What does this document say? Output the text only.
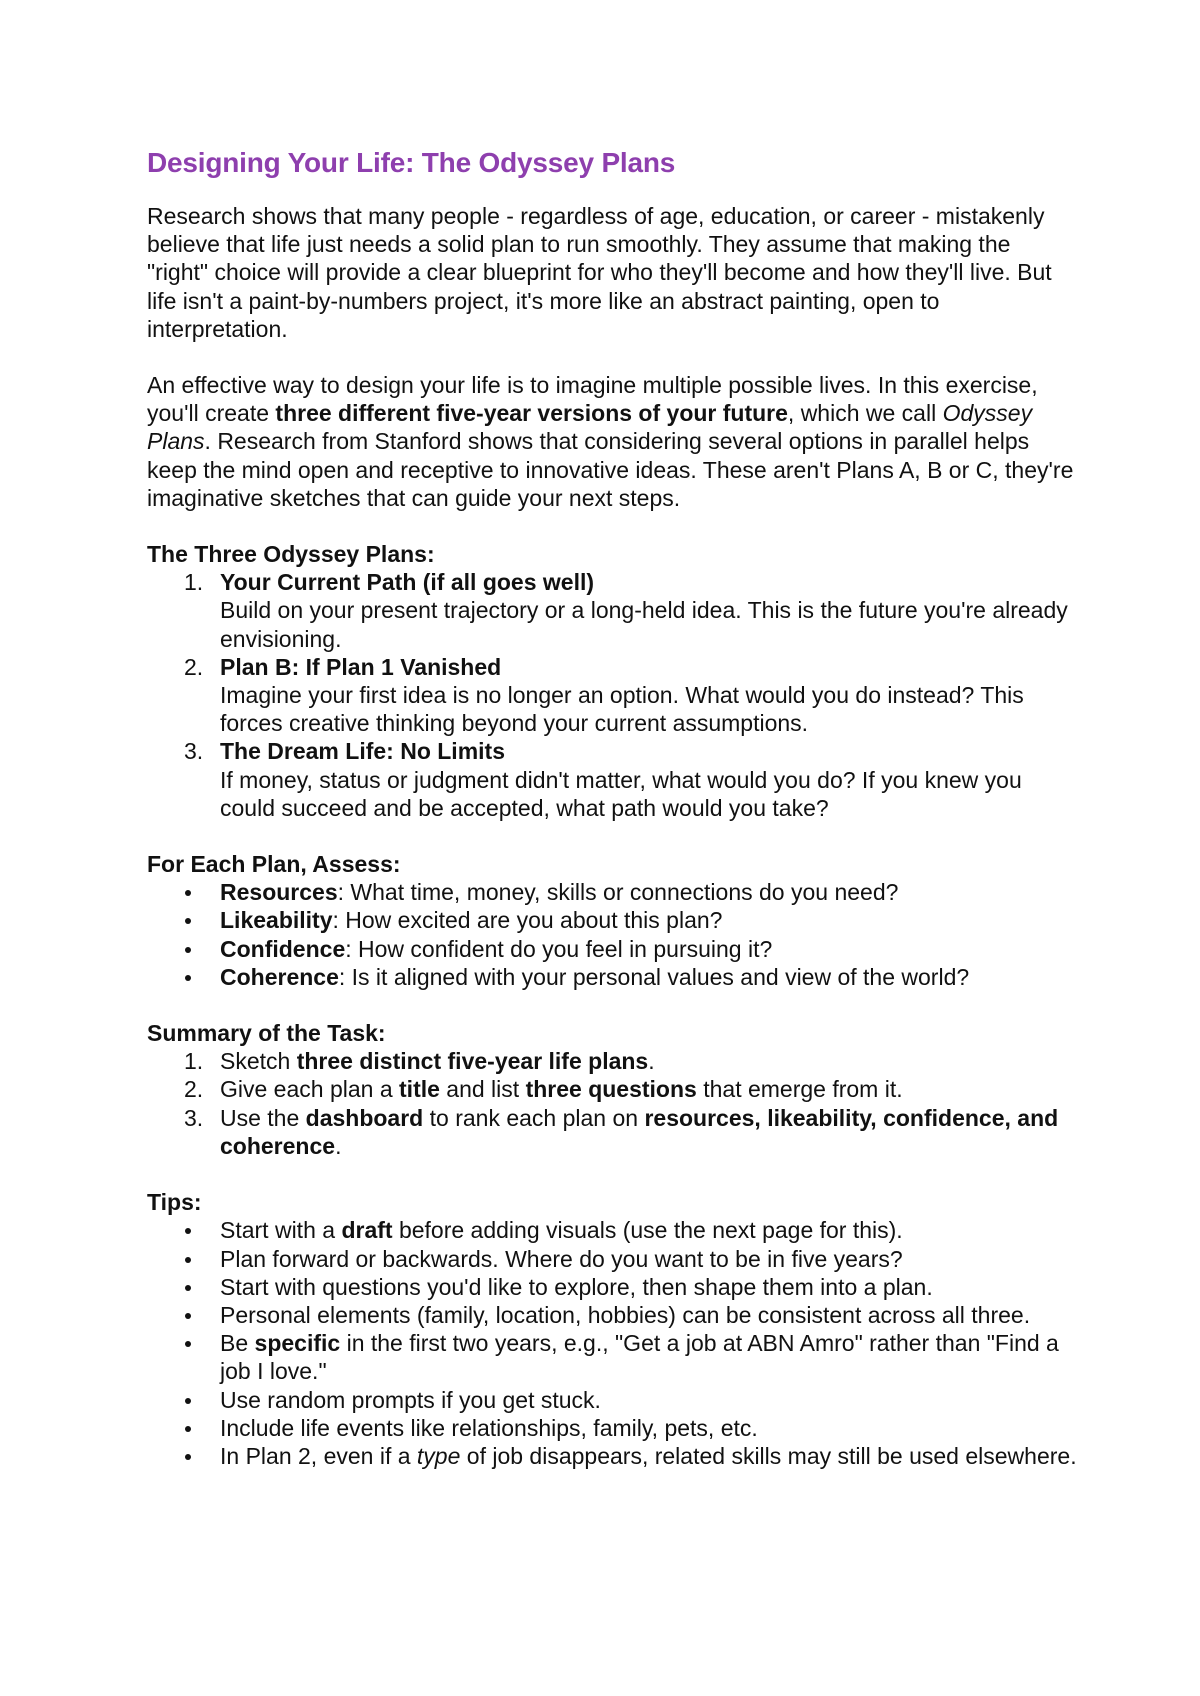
Designing Your Life: The Odyssey Plans

Research shows that many people - regardless of age, education, or career - mistakenly believe that life just needs a solid plan to run smoothly. They assume that making the "right" choice will provide a clear blueprint for who they'll become and how they'll live. But life isn't a paint-by-numbers project, it's more like an abstract painting, open to interpretation.

An effective way to design your life is to imagine multiple possible lives. In this exercise, you'll create three different five-year versions of your future, which we call Odyssey Plans. Research from Stanford shows that considering several options in parallel helps keep the mind open and receptive to innovative ideas. These aren't Plans A, B or C, they're imaginative sketches that can guide your next steps.

The Three Odyssey Plans:
1. Your Current Path (if all goes well)
Build on your present trajectory or a long-held idea. This is the future you're already envisioning.
2. Plan B: If Plan 1 Vanished
Imagine your first idea is no longer an option. What would you do instead? This forces creative thinking beyond your current assumptions.
3. The Dream Life: No Limits
If money, status or judgment didn't matter, what would you do? If you knew you could succeed and be accepted, what path would you take?
For Each Plan, Assess:
Resources: What time, money, skills or connections do you need?
Likeability: How excited are you about this plan?
Confidence: How confident do you feel in pursuing it?
Coherence: Is it aligned with your personal values and view of the world?
Summary of the Task:
1. Sketch three distinct five-year life plans.
2. Give each plan a title and list three questions that emerge from it.
3. Use the dashboard to rank each plan on resources, likeability, confidence, and coherence.
Tips:
Start with a draft before adding visuals (use the next page for this).
Plan forward or backwards. Where do you want to be in five years?
Start with questions you'd like to explore, then shape them into a plan.
Personal elements (family, location, hobbies) can be consistent across all three.
Be specific in the first two years, e.g., "Get a job at ABN Amro" rather than "Find a job I love."
Use random prompts if you get stuck.
Include life events like relationships, family, pets, etc.
In Plan 2, even if a type of job disappears, related skills may still be used elsewhere.
